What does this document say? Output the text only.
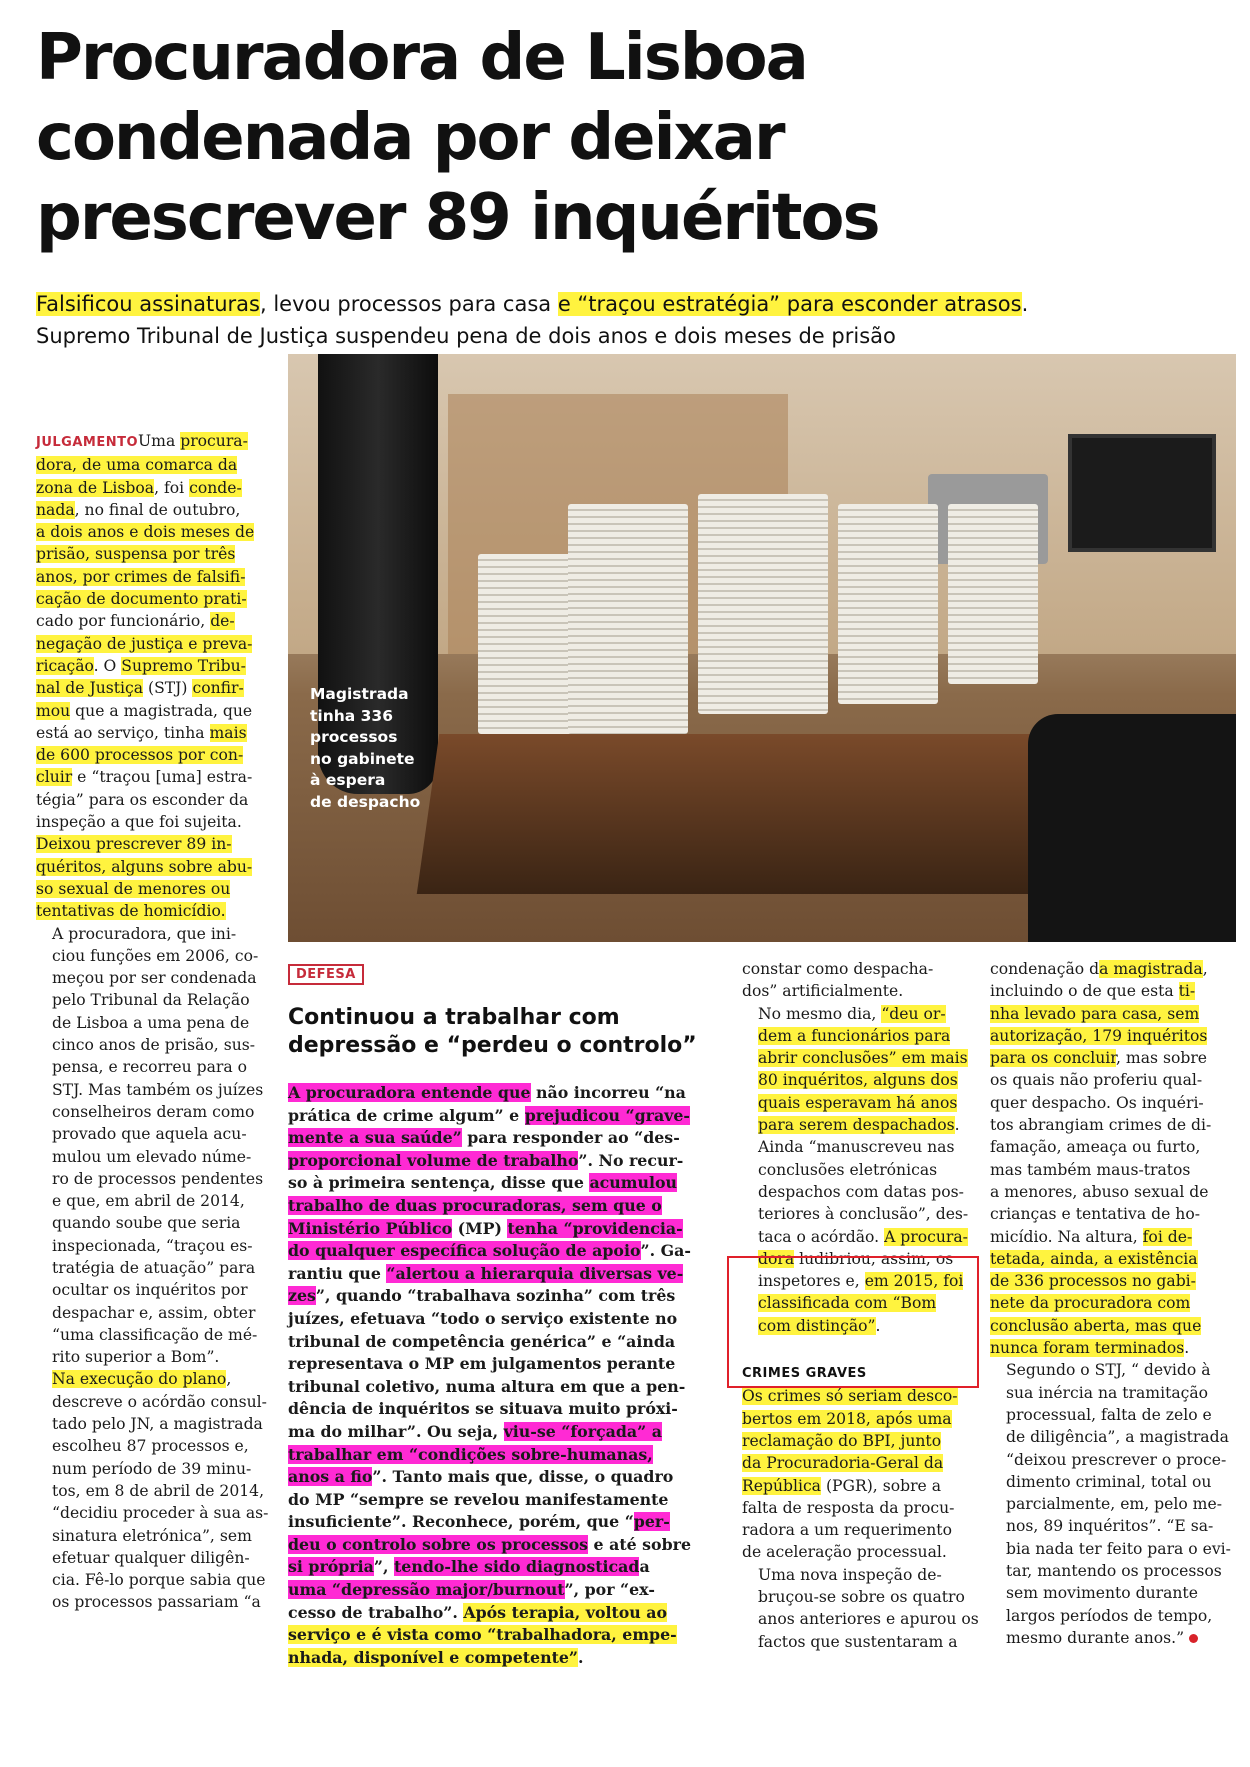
Procuradora de Lisboa
condenada por deixar
prescrever 89 inquéritos
Falsificou assinaturas, levou processos para casa e “traçou estratégia” para esconder atrasos.
Supremo Tribunal de Justiça suspendeu pena de dois anos e dois meses de prisão

Magistrada
tinha 336
processos
no gabinete
à espera
de despacho

JULGAMENTOUma procura-
dora, de uma comarca da
zona de Lisboa, foi conde-
nada, no final de outubro,
a dois anos e dois meses de
prisão, suspensa por três
anos, por crimes de falsifi-
cação de documento prati-
cado por funcionário, de-
negação de justiça e preva-
ricação. O Supremo Tribu-
nal de Justiça (STJ) confir-
mou que a magistrada, que
está ao serviço, tinha mais
de 600 processos por con-
cluir e “traçou [uma] estra-
tégia” para os esconder da
inspeção a que foi sujeita.
Deixou prescrever 89 in-
quéritos, alguns sobre abu-
so sexual de menores ou
tentativas de homicídio.
A procuradora, que ini-
ciou funções em 2006, co-
meçou por ser condenada
pelo Tribunal da Relação
de Lisboa a uma pena de
cinco anos de prisão, sus-
pensa, e recorreu para o
STJ. Mas também os juízes
conselheiros deram como
provado que aquela acu-
mulou um elevado núme-
ro de processos pendentes
e que, em abril de 2014,
quando soube que seria
inspecionada, “traçou es-
tratégia de atuação” para
ocultar os inquéritos por
despachar e, assim, obter
“uma classificação de mé-
rito superior a Bom”.
Na execução do plano,
descreve o acórdão consul-
tado pelo JN, a magistrada
escolheu 87 processos e,
num período de 39 minu-
tos, em 8 de abril de 2014,
“decidiu proceder à sua as-
sinatura eletrónica”, sem
efetuar qualquer diligên-
cia. Fê-lo porque sabia que
os processos passariam “a
DEFESA
Continuou a trabalhar com
depressão e “perdeu o controlo”
A procuradora entende que não incorreu “na
prática de crime algum” e prejudicou “grave-
mente a sua saúde” para responder ao “des-
proporcional volume de trabalho”. No recur-
so à primeira sentença, disse que acumulou
trabalho de duas procuradoras, sem que o
Ministério Público (MP) tenha “providencia-
do qualquer específica solução de apoio”. Ga-
rantiu que “alertou a hierarquia diversas ve-
zes”, quando “trabalhava sozinha” com três
juízes, efetuava “todo o serviço existente no
tribunal de competência genérica” e “ainda
representava o MP em julgamentos perante
tribunal coletivo, numa altura em que a pen-
dência de inquéritos se situava muito próxi-
ma do milhar”. Ou seja, viu-se “forçada” a
trabalhar em “condições sobre-humanas,
anos a fio”. Tanto mais que, disse, o quadro
do MP “sempre se revelou manifestamente
insuficiente”. Reconhece, porém, que “per-
deu o controlo sobre os processos e até sobre
si própria”, tendo-lhe sido diagnosticada
uma “depressão major/burnout”, por “ex-
cesso de trabalho”. Após terapia, voltou ao
serviço e é vista como “trabalhadora, empe-
nhada, disponível e competente”.
constar como despacha-
dos” artificialmente.
No mesmo dia, “deu or-
dem a funcionários para
abrir conclusões” em mais
80 inquéritos, alguns dos
quais esperavam há anos
para serem despachados.
Ainda “manuscreveu nas
conclusões eletrónicas
despachos com datas pos-
teriores à conclusão”, des-
taca o acórdão. A procura-
dora ludibriou, assim, os
inspetores e, em 2015, foi
classificada com “Bom
com distinção”.
CRIMES GRAVES
Os crimes só seriam desco-
bertos em 2018, após uma
reclamação do BPI, junto
da Procuradoria-Geral da
República (PGR), sobre a
falta de resposta da procu-
radora a um requerimento
de aceleração processual.
Uma nova inspeção de-
bruçou-se sobre os quatro
anos anteriores e apurou os
factos que sustentaram a
condenação da magistrada,
incluindo o de que esta ti-
nha levado para casa, sem
autorização, 179 inquéritos
para os concluir, mas sobre
os quais não proferiu qual-
quer despacho. Os inquéri-
tos abrangiam crimes de di-
famação, ameaça ou furto,
mas também maus-tratos
a menores, abuso sexual de
crianças e tentativa de ho-
micídio. Na altura, foi de-
tetada, ainda, a existência
de 336 processos no gabi-
nete da procuradora com
conclusão aberta, mas que
nunca foram terminados.
Segundo o STJ, “ devido à
sua inércia na tramitação
processual, falta de zelo e
de diligência”, a magistrada
“deixou prescrever o proce-
dimento criminal, total ou
parcialmente, em, pelo me-
nos, 89 inquéritos”. “E sa-
bia nada ter feito para o evi-
tar, mantendo os processos
sem movimento durante
largos períodos de tempo,
mesmo durante anos.”
